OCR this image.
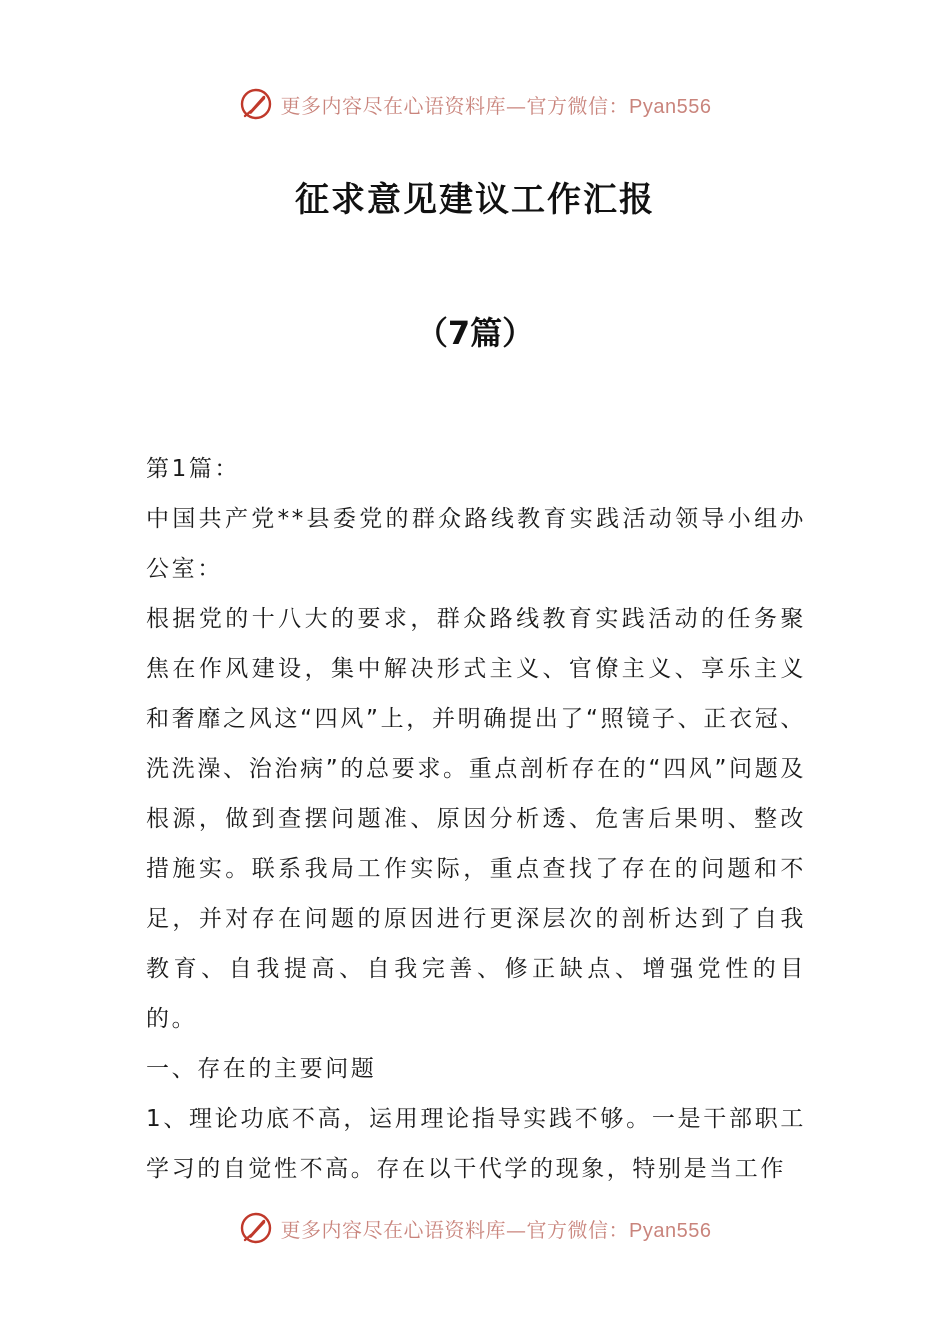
更多内容尽在心语资料库—官方微信：Pyan556
征求意见建议工作汇报
（7篇）

第1篇：

中国共产党**县委党的群众路线教育实践活动领导小组办公室：

根据党的十八大的要求，群众路线教育实践活动的任务聚焦在作风建设，集中解决形式主义、官僚主义、享乐主义和奢靡之风这“四风”上，并明确提出了“照镜子、正衣冠、洗洗澡、治治病”的总要求。重点剖析存在的“四风”问题及根源，做到查摆问题准、原因分析透、危害后果明、整改措施实。联系我局工作实际，重点查找了存在的问题和不足，并对存在问题的原因进行更深层次的剖析达到了自我教育、自我提高、自我完善、修正缺点、增强党性的目的。

一、存在的主要问题

1、理论功底不高，运用理论指导实践不够。一是干部职工学习的自觉性不高。存在以干代学的现象，特别是当工作

更多内容尽在心语资料库—官方微信：Pyan556
